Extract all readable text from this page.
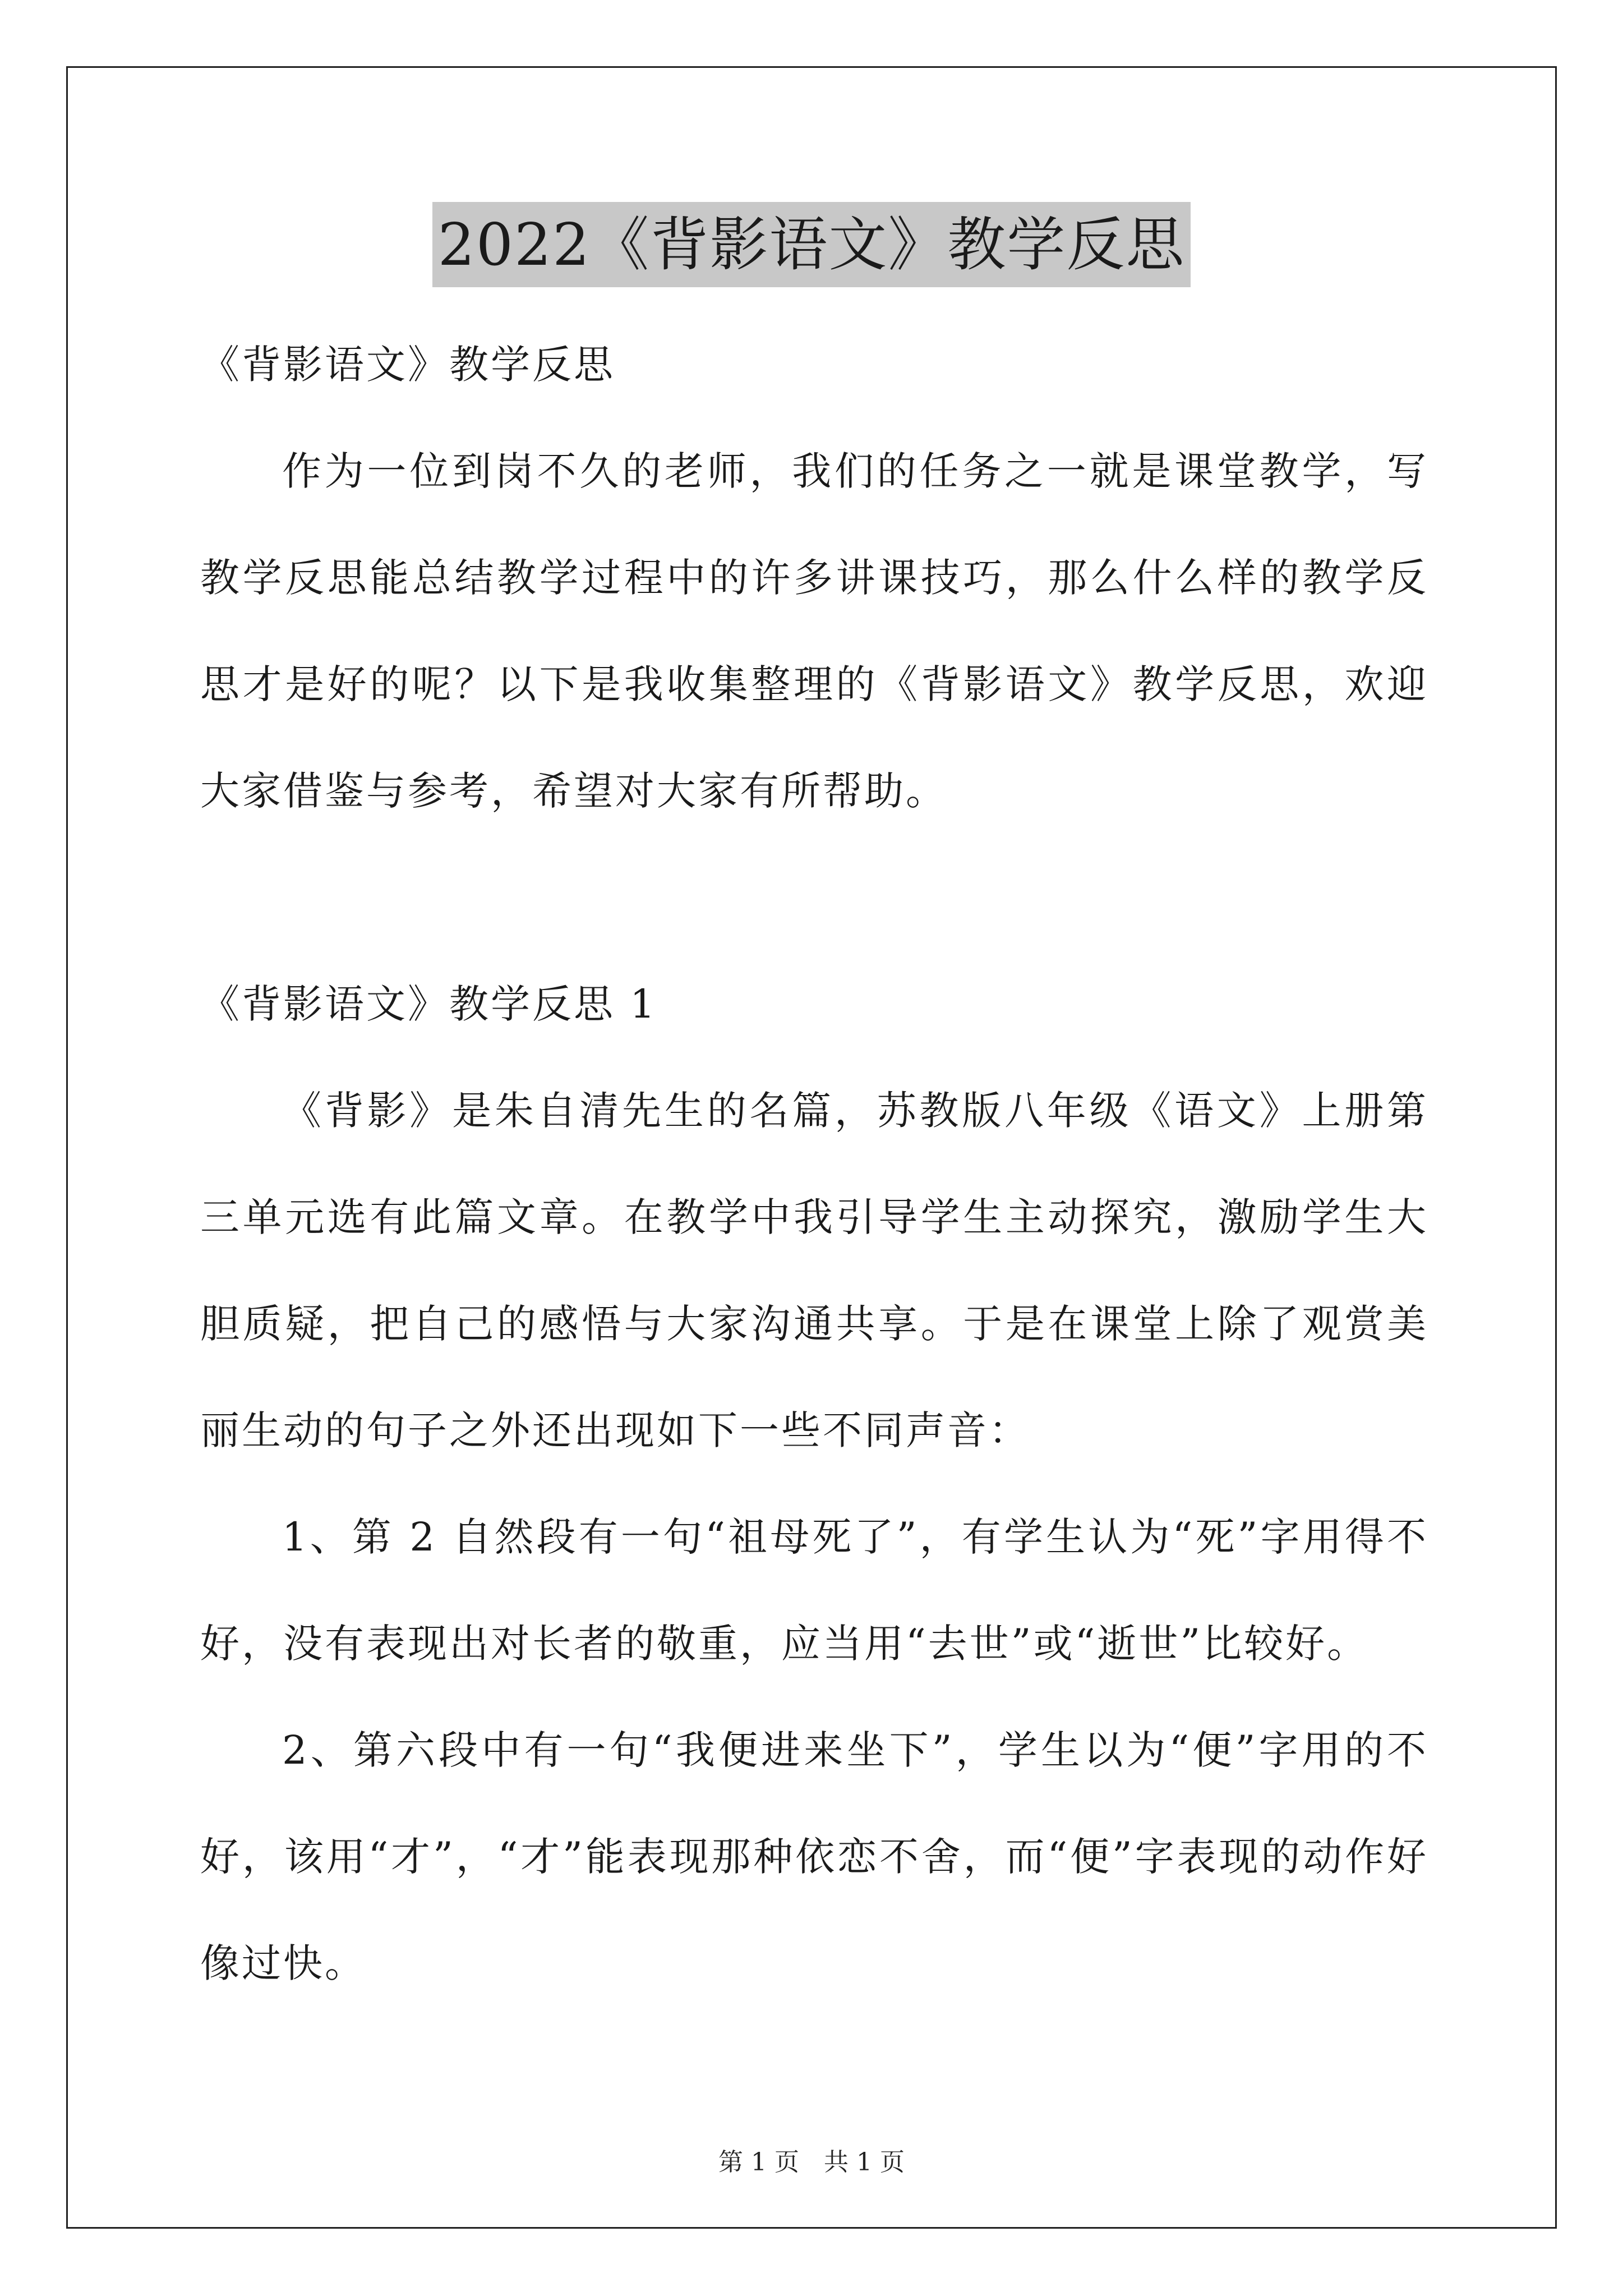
2022《背影语文》教学反思

《背影语文》教学反思

作为一位到岗不久的老师，我们的任务之一就是课堂教学，写教学反思能总结教学过程中的许多讲课技巧，那么什么样的教学反思才是好的呢？以下是我收集整理的《背影语文》教学反思，欢迎大家借鉴与参考，希望对大家有所帮助。

《背影语文》教学反思 1

《背影》是朱自清先生的名篇，苏教版八年级《语文》上册第三单元选有此篇文章。在教学中我引导学生主动探究，激励学生大胆质疑，把自己的感悟与大家沟通共享。于是在课堂上除了观赏美丽生动的句子之外还出现如下一些不同声音：

1、第 2 自然段有一句“祖母死了”，有学生认为“死”字用得不好，没有表现出对长者的敬重，应当用“去世”或“逝世”比较好。

2、第六段中有一句“我便进来坐下”，学生以为“便”字用的不好，该用“才”，“才”能表现那种依恋不舍，而“便”字表现的动作好像过快。

第 1 页　共 1 页
